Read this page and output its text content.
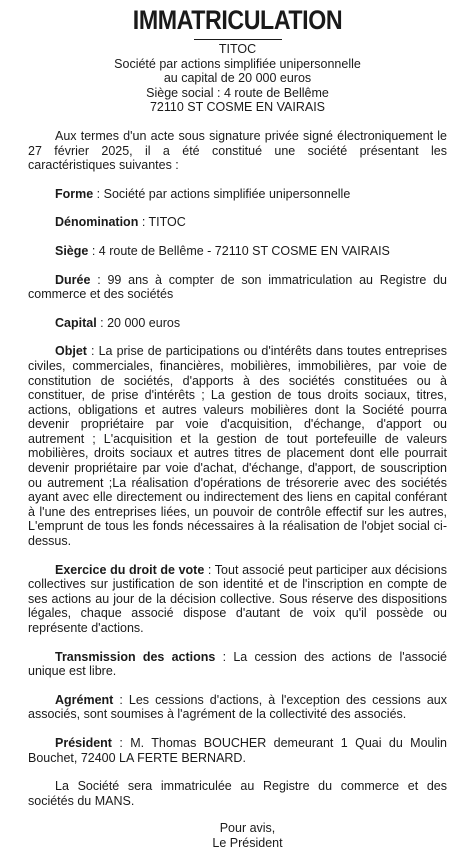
IMMATRICULATION
TITOC
Société par actions simplifiée unipersonnelle
au capital de 20 000 euros
Siège social : 4 route de Bellême
72110 ST COSME EN VAIRAIS

Aux termes d'un acte sous signature privée signé électroniquement le 27 février 2025, il a été constitué une société présentant les caractéristiques suivantes :

Forme : Société par actions simplifiée unipersonnelle

Dénomination : TITOC

Siège : 4 route de Bellême - 72110 ST COSME EN VAIRAIS

Durée : 99 ans à compter de son immatriculation au Registre du commerce et des sociétés

Capital : 20 000 euros

Objet : La prise de participations ou d'intérêts dans toutes entreprises civiles, commerciales, financières, mobilières, immobilières, par voie de constitution de sociétés, d'apports à des sociétés constituées ou à constituer, de prise d'intérêts ; La gestion de tous droits sociaux, titres, actions, obligations et autres valeurs mobilières dont la Société pourra devenir propriétaire par voie d'acquisition, d'échange, d'apport ou autrement ; L'acquisition et la gestion de tout portefeuille de valeurs mobilières, droits sociaux et autres titres de placement dont elle pourrait devenir propriétaire par voie d'achat, d'échange, d'apport, de souscription ou autrement ;La réalisation d'opérations de trésorerie avec des sociétés ayant avec elle directement ou indirectement des liens en capital conférant à l'une des entreprises liées, un pouvoir de contrôle effectif sur les autres, L'emprunt de tous les fonds nécessaires à la réalisation de l'objet social ci-dessus.

Exercice du droit de vote : Tout associé peut participer aux décisions collectives sur justification de son identité et de l'inscription en compte de ses actions au jour de la décision collective. Sous réserve des dispositions légales, chaque associé dispose d'autant de voix qu'il possède ou représente d'actions.

Transmission des actions : La cession des actions de l'associé unique est libre.

Agrément : Les cessions d'actions, à l'exception des cessions aux associés, sont soumises à l'agrément de la collectivité des associés.

Président : M. Thomas BOUCHER demeurant 1 Quai du Moulin Bouchet, 72400 LA FERTE BERNARD.

La Société sera immatriculée au Registre du commerce et des sociétés du MANS.

Pour avis,
Le Président
